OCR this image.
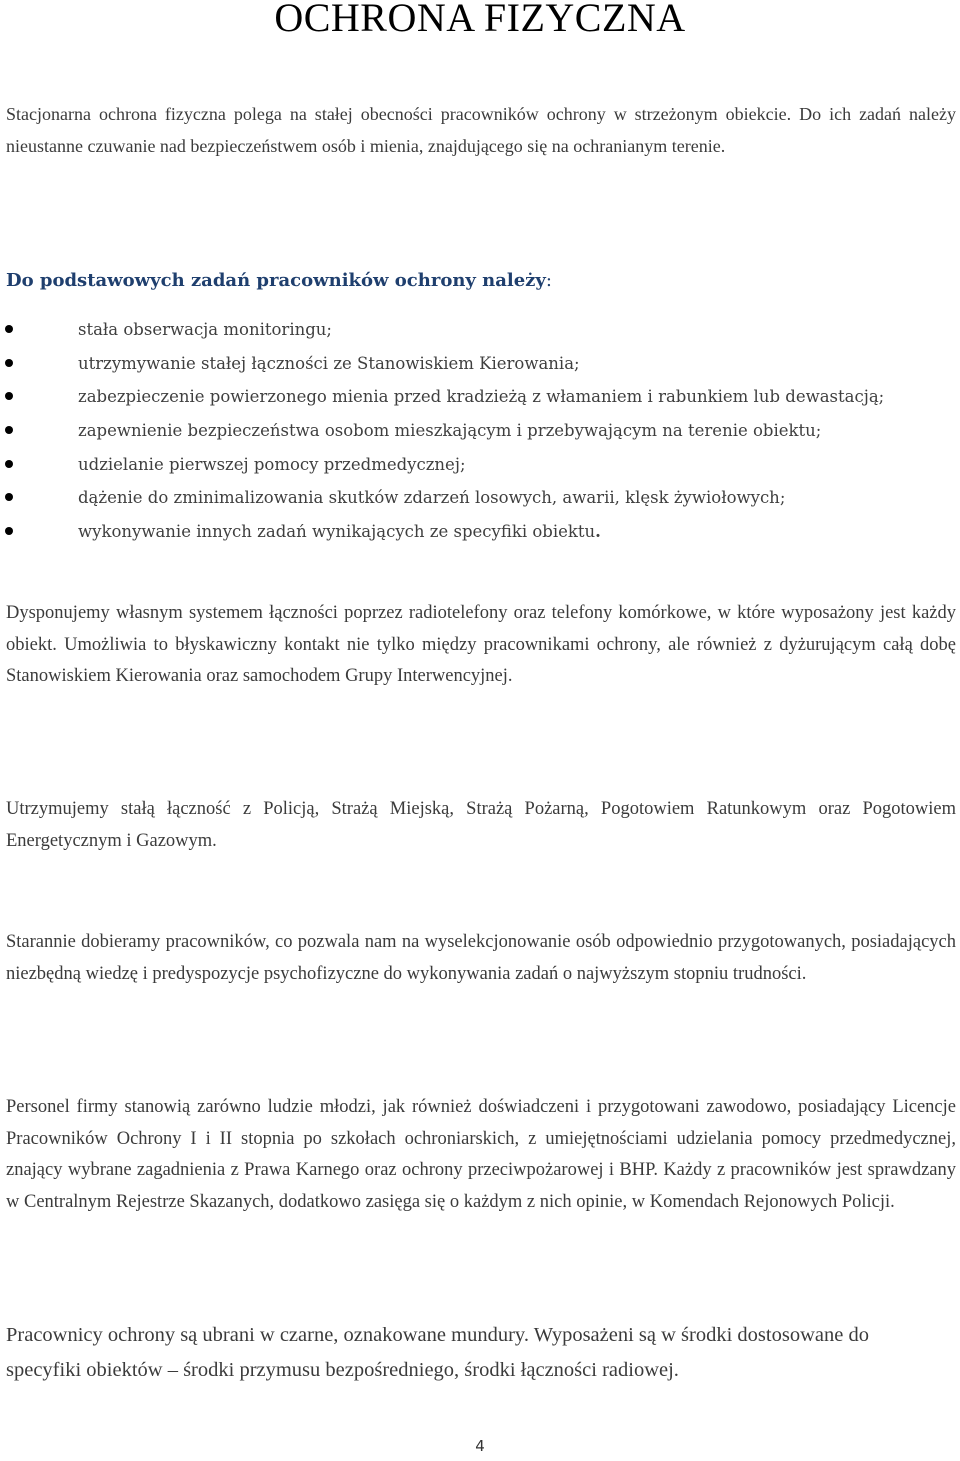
OCHRONA FIZYCZNA

Stacjonarna ochrona fizyczna polega na stałej obecności pracowników ochrony w strzeżonym obiekcie. Do ich zadań należy nieustanne czuwanie nad bezpieczeństwem osób i mienia, znajdującego się na ochranianym terenie.

Do podstawowych zadań pracowników ochrony należy:
stała obserwacja monitoringu;
utrzymywanie stałej łączności ze Stanowiskiem Kierowania;
zabezpieczenie powierzonego mienia przed kradzieżą z włamaniem i rabunkiem lub dewastacją;
zapewnienie bezpieczeństwa osobom mieszkającym i przebywającym na terenie obiektu;
udzielanie pierwszej pomocy przedmedycznej;
dążenie do zminimalizowania skutków zdarzeń losowych, awarii, klęsk żywiołowych;
wykonywanie innych zadań wynikających ze specyfiki obiektu.

Dysponujemy własnym systemem łączności poprzez radiotelefony oraz telefony komórkowe, w które wyposażony jest każdy obiekt. Umożliwia to błyskawiczny kontakt nie tylko między pracownikami ochrony, ale również z dyżurującym całą dobę Stanowiskiem Kierowania oraz samochodem Grupy Interwencyjnej.

Utrzymujemy stałą łączność z Policją, Strażą Miejską, Strażą Pożarną, Pogotowiem Ratunkowym oraz Pogotowiem Energetycznym i Gazowym.

Starannie dobieramy pracowników, co pozwala nam na wyselekcjonowanie osób odpowiednio przygotowanych, posiadających niezbędną wiedzę i predyspozycje psychofizyczne do wykonywania zadań o najwyższym stopniu trudności.

Personel firmy stanowią zarówno ludzie młodzi, jak również doświadczeni i przygotowani zawodowo, posiadający Licencje Pracowników Ochrony I i II stopnia po szkołach ochroniarskich, z umiejętnościami udzielania pomocy przedmedycznej, znający wybrane zagadnienia z Prawa Karnego oraz ochrony przeciwpożarowej i BHP. Każdy z pracowników jest sprawdzany w Centralnym Rejestrze Skazanych, dodatkowo zasięga się o każdym z nich opinie, w Komendach Rejonowych Policji.

Pracownicy ochrony są ubrani w czarne, oznakowane mundury. Wyposażeni są w środki dostosowane do specyfiki obiektów – środki przymusu bezpośredniego, środki łączności radiowej.

4
